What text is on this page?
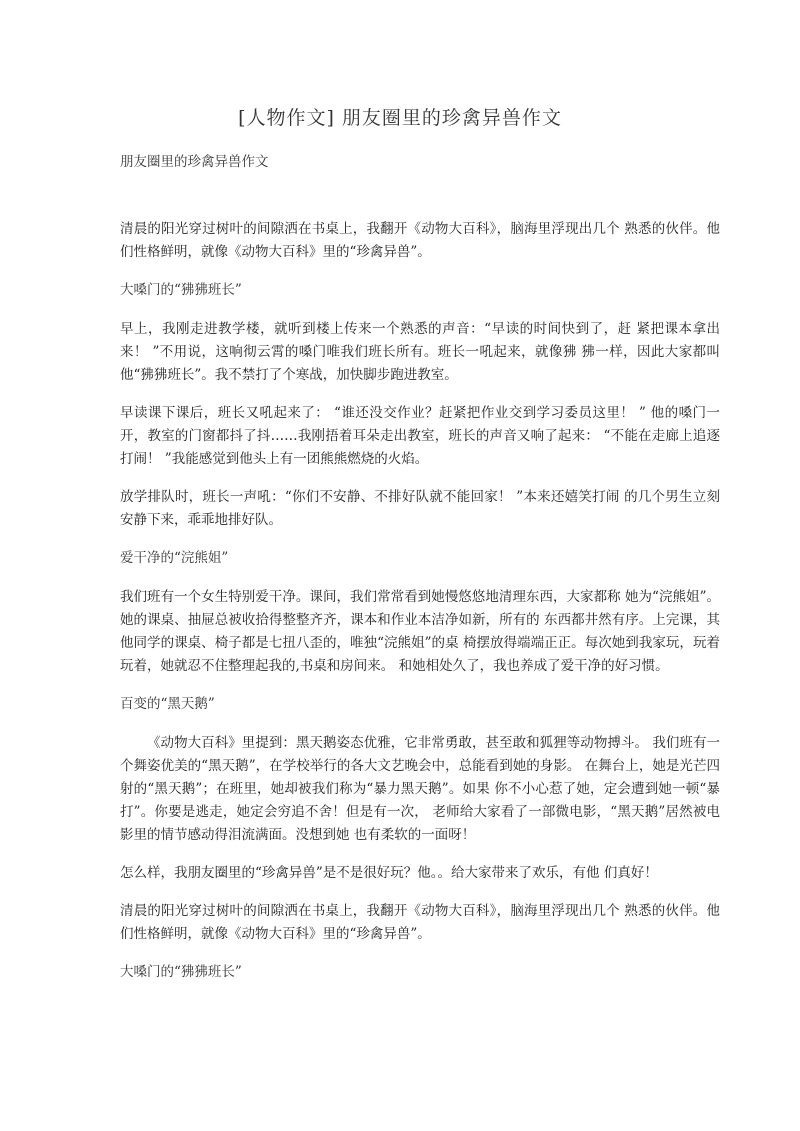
[人物作文] 朋友圈里的珍禽异兽作文
朋友圈里的珍禽异兽作文

清晨的阳光穿过树叶的间隙洒在书桌上，我翻开《动物大百科》，脑海里浮现出几个 熟悉的伙伴。他们性格鲜明，就像《动物大百科》里的“珍禽异兽”。

大嗓门的“狒狒班长”

早上，我刚走进教学楼，就听到楼上传来一个熟悉的声音：“早读的时间快到了，赶 紧把课本拿出来！ ”不用说，这响彻云霄的嗓门唯我们班长所有。班长一吼起来，就像狒 狒一样，因此大家都叫他“狒狒班长”。我不禁打了个寒战，加快脚步跑进教室。

早读课下课后，班长又吼起来了： “谁还没交作业？赶紧把作业交到学习委员这里！ ” 他的嗓门一开，教室的门窗都抖了抖……我刚捂着耳朵走出教室，班长的声音又响了起来： “不能在走廊上追逐打闹！ ”我能感觉到他头上有一团熊熊燃烧的火焰。

放学排队时，班长一声吼：“你们不安静、不排好队就不能回家！ ”本来还嬉笑打闹 的几个男生立刻安静下来，乖乖地排好队。

爱干净的“浣熊姐”

我们班有一个女生特别爱干净。课间，我们常常看到她慢悠悠地清理东西，大家都称 她为“浣熊姐”。她的课桌、抽屉总被收拾得整整齐齐，课本和作业本洁净如新，所有的 东西都井然有序。上完课，其他同学的课桌、椅子都是七扭八歪的，唯独“浣熊姐”的桌 椅摆放得端端正正。每次她到我家玩，玩着玩着，她就忍不住整理起我的,书桌和房间来。 和她相处久了，我也养成了爱干净的好习惯。

百变的“黑天鹅”

《动物大百科》里提到：黑天鹅姿态优雅，它非常勇敢，甚至敢和狐狸等动物搏斗。 我们班有一个舞姿优美的“黑天鹅”，在学校举行的各大文艺晚会中，总能看到她的身影。 在舞台上，她是光芒四射的“黑天鹅”；在班里，她却被我们称为“暴力黑天鹅”。如果 你不小心惹了她，定会遭到她一顿“暴打”。你要是逃走，她定会穷追不舍！但是有一次， 老师给大家看了一部微电影，“黑天鹅”居然被电影里的情节感动得泪流满面。没想到她 也有柔软的一面呀！

怎么样，我朋友圈里的“珍禽异兽”是不是很好玩？他。。给大家带来了欢乐，有他 们真好！

清晨的阳光穿过树叶的间隙洒在书桌上，我翻开《动物大百科》，脑海里浮现出几个 熟悉的伙伴。他们性格鲜明，就像《动物大百科》里的“珍禽异兽”。

大嗓门的“狒狒班长”
